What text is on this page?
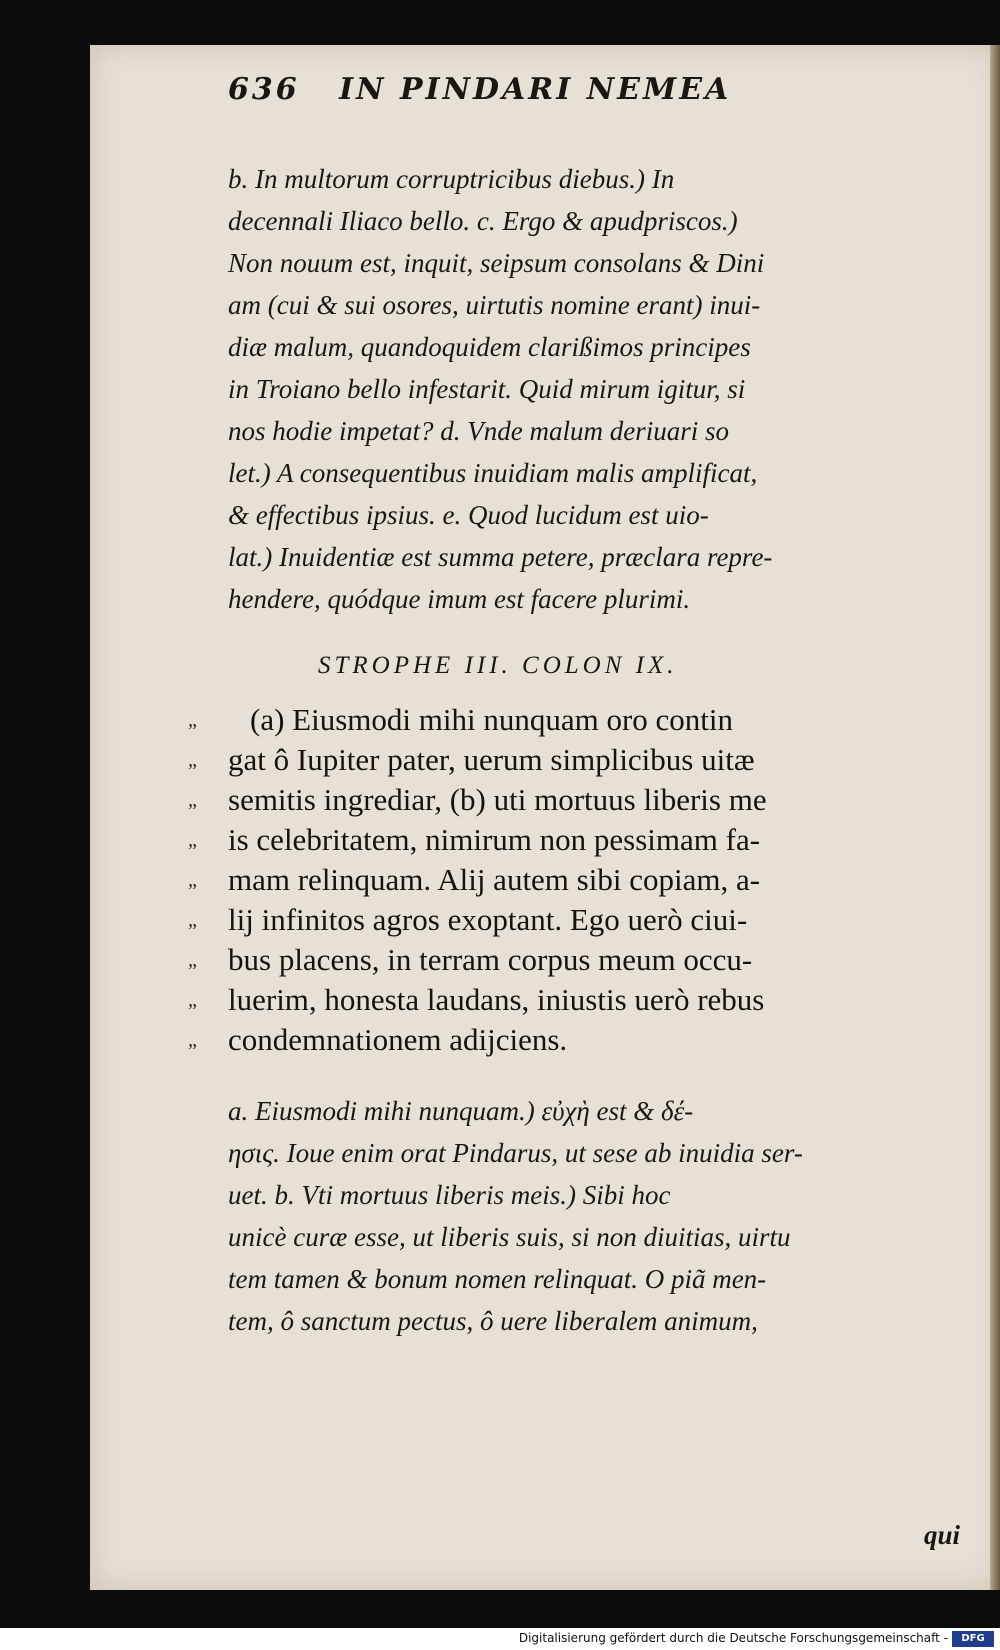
636 IN PINDARI NEMEA
b. In multorum corruptricibus diebus.) In
decennali Iliaco bello. c. Ergo & apudpriscos.)
Non nouum est, inquit, seipsum consolans & Dini
am (cui & sui osores, uirtutis nomine erant) inui-
diæ malum, quandoquidem clarißimos principes
in Troiano bello infestarit. Quid mirum igitur, si
nos hodie impetat? d. Vnde malum deriuari so
let.) A consequentibus inuidiam malis amplificat,
& effectibus ipsius. e. Quod lucidum est uio-
lat.) Inuidentiæ est summa petere, præclara repre-
hendere, quódque imum est facere plurimi.
STROPHE III. COLON IX.
„	(a) Eiusmodi mihi nunquam oro contin
„	gat ô Iupiter pater, uerum simplicibus uitæ
„	semitis ingrediar, (b) uti mortuus liberis me
„	is celebritatem, nimirum non pessimam fa-
„	mam relinquam. Alij autem sibi copiam, a-
„	lij infinitos agros exoptant. Ego uerò ciui-
„	bus placens, in terram corpus meum occu-
„	luerim, honesta laudans, iniustis uerò rebus
„	condemnationem adijciens.
a. Eiusmodi mihi nunquam.) εὐχὴ est & δέ-
ησις. Ioue enim orat Pindarus, ut sese ab inuidia ser-
uet. b. Vti mortuus liberis meis.) Sibi hoc
unicè curæ esse, ut liberis suis, si non diuitias, uirtu
tem tamen & bonum nomen relinquat. O piã men-
tem, ô sanctum pectus, ô uere liberalem animum,
qui
Digitalisierung gefördert durch die Deutsche Forschungsgemeinschaft -	DFG
